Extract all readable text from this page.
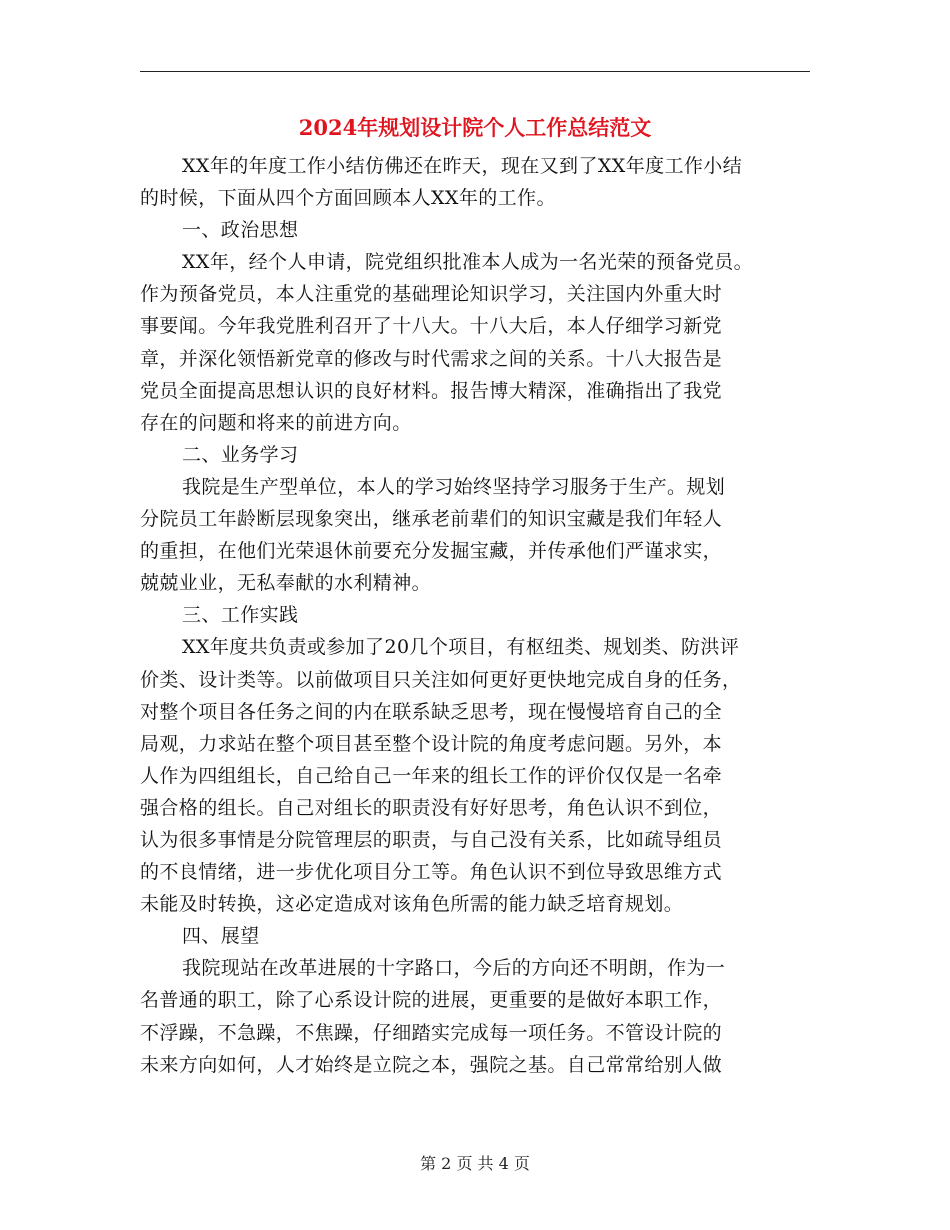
2024年规划设计院个人工作总结范文
XX年的年度工作小结仿佛还在昨天，现在又到了XX年度工作小结
的时候，下面从四个方面回顾本人XX年的工作。
一、政治思想
XX年，经个人申请，院党组织批准本人成为一名光荣的预备党员。
作为预备党员，本人注重党的基础理论知识学习，关注国内外重大时
事要闻。今年我党胜利召开了十八大。十八大后，本人仔细学习新党
章，并深化领悟新党章的修改与时代需求之间的关系。十八大报告是
党员全面提高思想认识的良好材料。报告博大精深，准确指出了我党
存在的问题和将来的前进方向。
二、业务学习
我院是生产型单位，本人的学习始终坚持学习服务于生产。规划
分院员工年龄断层现象突出，继承老前辈们的知识宝藏是我们年轻人
的重担，在他们光荣退休前要充分发掘宝藏，并传承他们严谨求实，
兢兢业业，无私奉献的水利精神。
三、工作实践
XX年度共负责或参加了20几个项目，有枢纽类、规划类、防洪评
价类、设计类等。以前做项目只关注如何更好更快地完成自身的任务，
对整个项目各任务之间的内在联系缺乏思考，现在慢慢培育自己的全
局观，力求站在整个项目甚至整个设计院的角度考虑问题。另外，本
人作为四组组长，自己给自己一年来的组长工作的评价仅仅是一名牵
强合格的组长。自己对组长的职责没有好好思考，角色认识不到位，
认为很多事情是分院管理层的职责，与自己没有关系，比如疏导组员
的不良情绪，进一步优化项目分工等。角色认识不到位导致思维方式
未能及时转换，这必定造成对该角色所需的能力缺乏培育规划。
四、展望
我院现站在改革进展的十字路口，今后的方向还不明朗，作为一
名普通的职工，除了心系设计院的进展，更重要的是做好本职工作，
不浮躁，不急躁，不焦躁，仔细踏实完成每一项任务。不管设计院的
未来方向如何，人才始终是立院之本，强院之基。自己常常给别人做
第 2 页 共 4 页
